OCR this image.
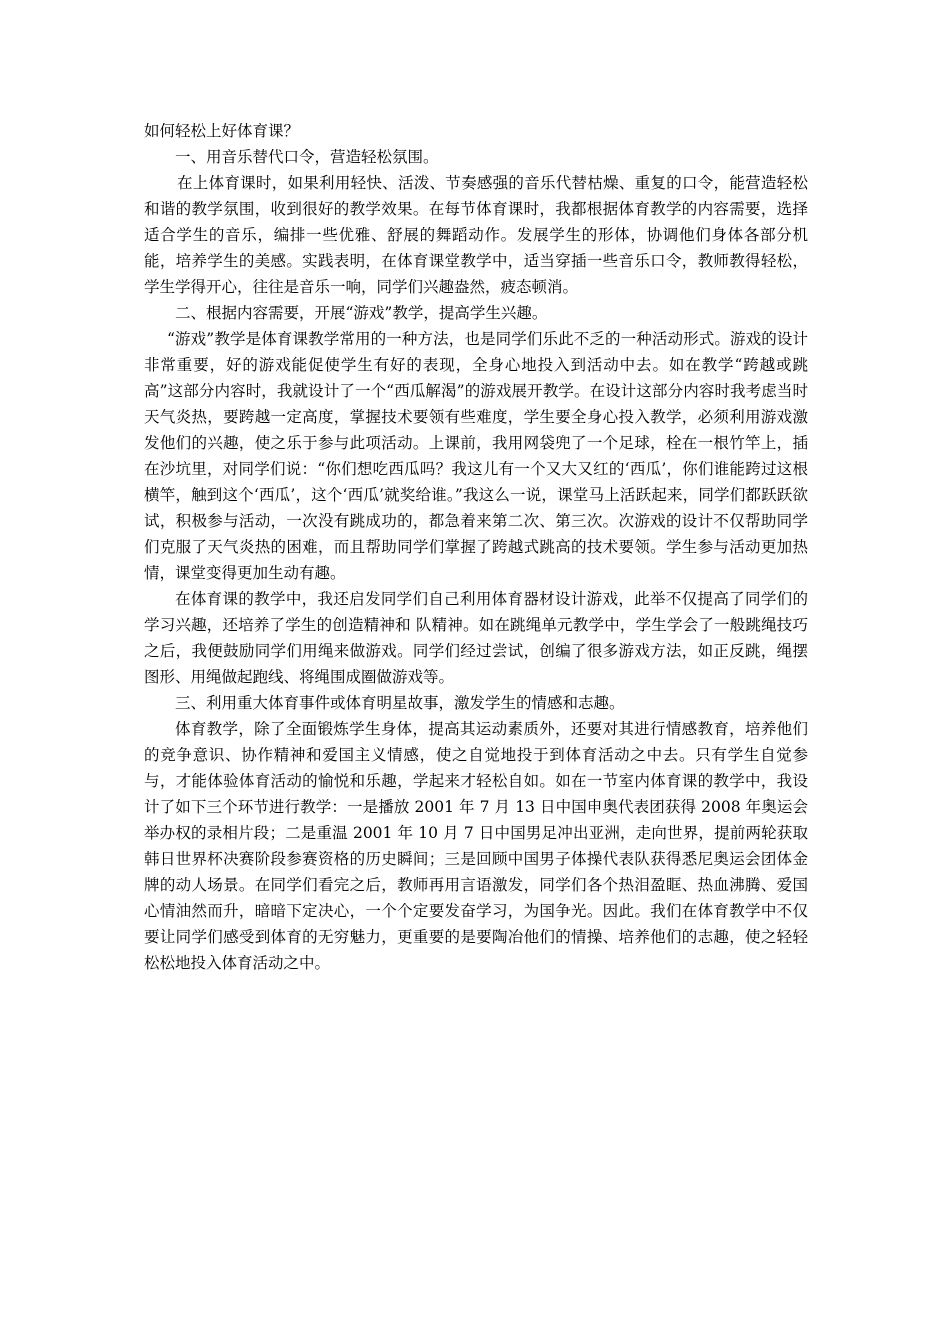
如何轻松上好体育课？

一、用音乐替代口令，营造轻松氛围。

在上体育课时，如果利用轻快、活泼、节奏感强的音乐代替枯燥、重复的口令，能营造轻松和谐的教学氛围，收到很好的教学效果。在每节体育课时，我都根据体育教学的内容需要，选择适合学生的音乐，编排一些优雅、舒展的舞蹈动作。发展学生的形体，协调他们身体各部分机能，培养学生的美感。实践表明，在体育课堂教学中，适当穿插一些音乐口令，教师教得轻松，学生学得开心，往往是音乐一响，同学们兴趣盎然，疲态顿消。

二、根据内容需要，开展“游戏”教学，提高学生兴趣。

“游戏”教学是体育课教学常用的一种方法，也是同学们乐此不乏的一种活动形式。游戏的设计非常重要，好的游戏能促使学生有好的表现，全身心地投入到活动中去。如在教学“跨越或跳高”这部分内容时，我就设计了一个“西瓜解渴”的游戏展开教学。在设计这部分内容时我考虑当时天气炎热，要跨越一定高度，掌握技术要领有些难度，学生要全身心投入教学，必须利用游戏激发他们的兴趣，使之乐于参与此项活动。上课前，我用网袋兜了一个足球，栓在一根竹竿上，插在沙坑里，对同学们说：“你们想吃西瓜吗？我这儿有一个又大又红的‘西瓜’，你们谁能跨过这根横竿，触到这个‘西瓜’，这个‘西瓜’就奖给谁。”我这么一说，课堂马上活跃起来，同学们都跃跃欲试，积极参与活动，一次没有跳成功的，都急着来第二次、第三次。次游戏的设计不仅帮助同学们克服了天气炎热的困难，而且帮助同学们掌握了跨越式跳高的技术要领。学生参与活动更加热情，课堂变得更加生动有趣。

在体育课的教学中，我还启发同学们自己利用体育器材设计游戏，此举不仅提高了同学们的学习兴趣，还培养了学生的创造精神和 队精神。如在跳绳单元教学中，学生学会了一般跳绳技巧之后，我便鼓励同学们用绳来做游戏。同学们经过尝试，创编了很多游戏方法，如正反跳，绳摆图形、用绳做起跑线、将绳围成圈做游戏等。

三、利用重大体育事件或体育明星故事，激发学生的情感和志趣。

体育教学，除了全面锻炼学生身体，提高其运动素质外，还要对其进行情感教育，培养他们的竞争意识、协作精神和爱国主义情感，使之自觉地投于到体育活动之中去。只有学生自觉参与，才能体验体育活动的愉悦和乐趣，学起来才轻松自如。如在一节室内体育课的教学中，我设计了如下三个环节进行教学：一是播放 2001 年 7 月 13 日中国申奥代表团获得 2008 年奥运会举办权的录相片段；二是重温 2001 年 10 月 7 日中国男足冲出亚洲，走向世界，提前两轮获取韩日世界杯决赛阶段参赛资格的历史瞬间；三是回顾中国男子体操代表队获得悉尼奥运会团体金牌的动人场景。在同学们看完之后，教师再用言语激发，同学们各个热泪盈眶、热血沸腾、爱国心情油然而升，暗暗下定决心，一个个定要发奋学习，为国争光。因此。我们在体育教学中不仅要让同学们感受到体育的无穷魅力，更重要的是要陶冶他们的情操、培养他们的志趣，使之轻轻松松地投入体育活动之中。
